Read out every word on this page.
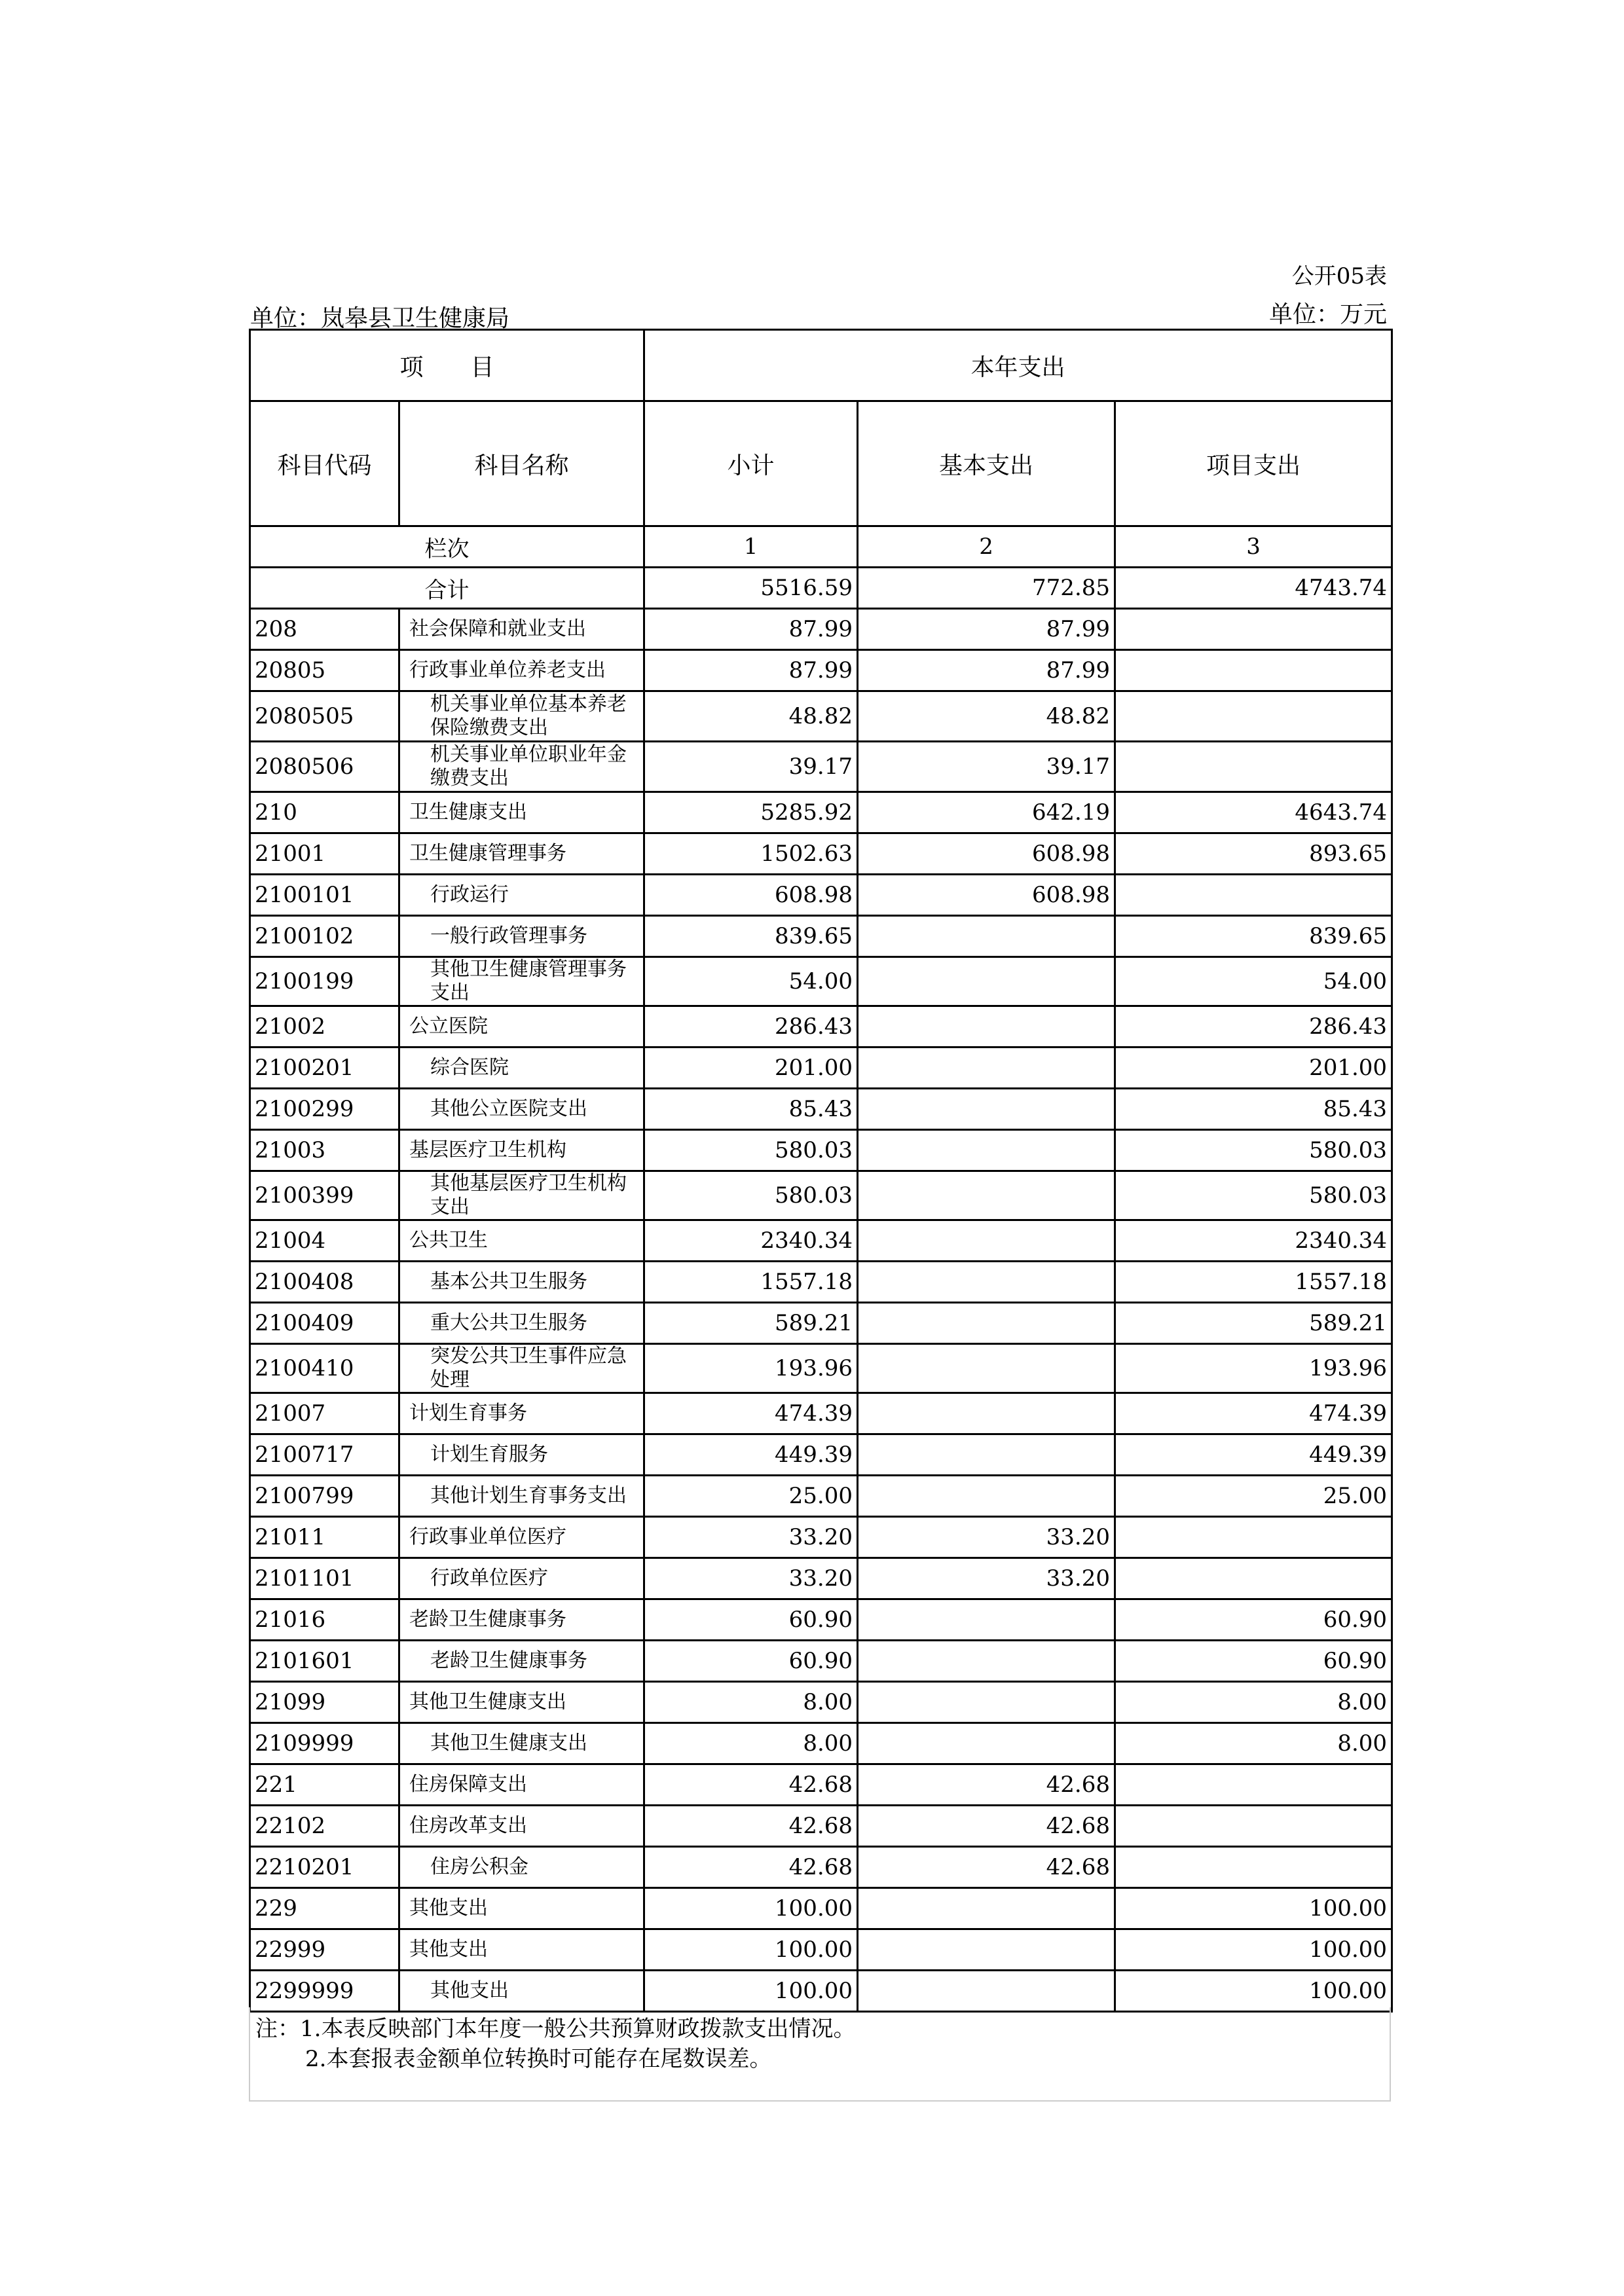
公开05表
单位：岚皋县卫生健康局	单位：万元
项　　目		本年支出		
科目代码	科目名称	小计	基本支出	项目支出
栏次		1	2	3
合计		5516.59	772.85	4743.74
208	社会保障和就业支出	87.99	87.99	
20805	行政事业单位养老支出	87.99	87.99	
2080505	机关事业单位基本养老保险缴费支出	48.82	48.82	
2080506	机关事业单位职业年金缴费支出	39.17	39.17	
210	卫生健康支出	5285.92	642.19	4643.74
21001	卫生健康管理事务	1502.63	608.98	893.65
2100101	行政运行	608.98	608.98	
2100102	一般行政管理事务	839.65		839.65
2100199	其他卫生健康管理事务支出	54.00		54.00
21002	公立医院	286.43		286.43
2100201	综合医院	201.00		201.00
2100299	其他公立医院支出	85.43		85.43
21003	基层医疗卫生机构	580.03		580.03
2100399	其他基层医疗卫生机构支出	580.03		580.03
21004	公共卫生	2340.34		2340.34
2100408	基本公共卫生服务	1557.18		1557.18
2100409	重大公共卫生服务	589.21		589.21
2100410	突发公共卫生事件应急处理	193.96		193.96
21007	计划生育事务	474.39		474.39
2100717	计划生育服务	449.39		449.39
2100799	其他计划生育事务支出	25.00		25.00
21011	行政事业单位医疗	33.20	33.20	
2101101	行政单位医疗	33.20	33.20	
21016	老龄卫生健康事务	60.90		60.90
2101601	老龄卫生健康事务	60.90		60.90
21099	其他卫生健康支出	8.00		8.00
2109999	其他卫生健康支出	8.00		8.00
221	住房保障支出	42.68	42.68	
22102	住房改革支出	42.68	42.68	
2210201	住房公积金	42.68	42.68	
229	其他支出	100.00		100.00
22999	其他支出	100.00		100.00
2299999	其他支出	100.00		100.00

注：1.本表反映部门本年度一般公共预算财政拨款支出情况。

2.本套报表金额单位转换时可能存在尾数误差。
